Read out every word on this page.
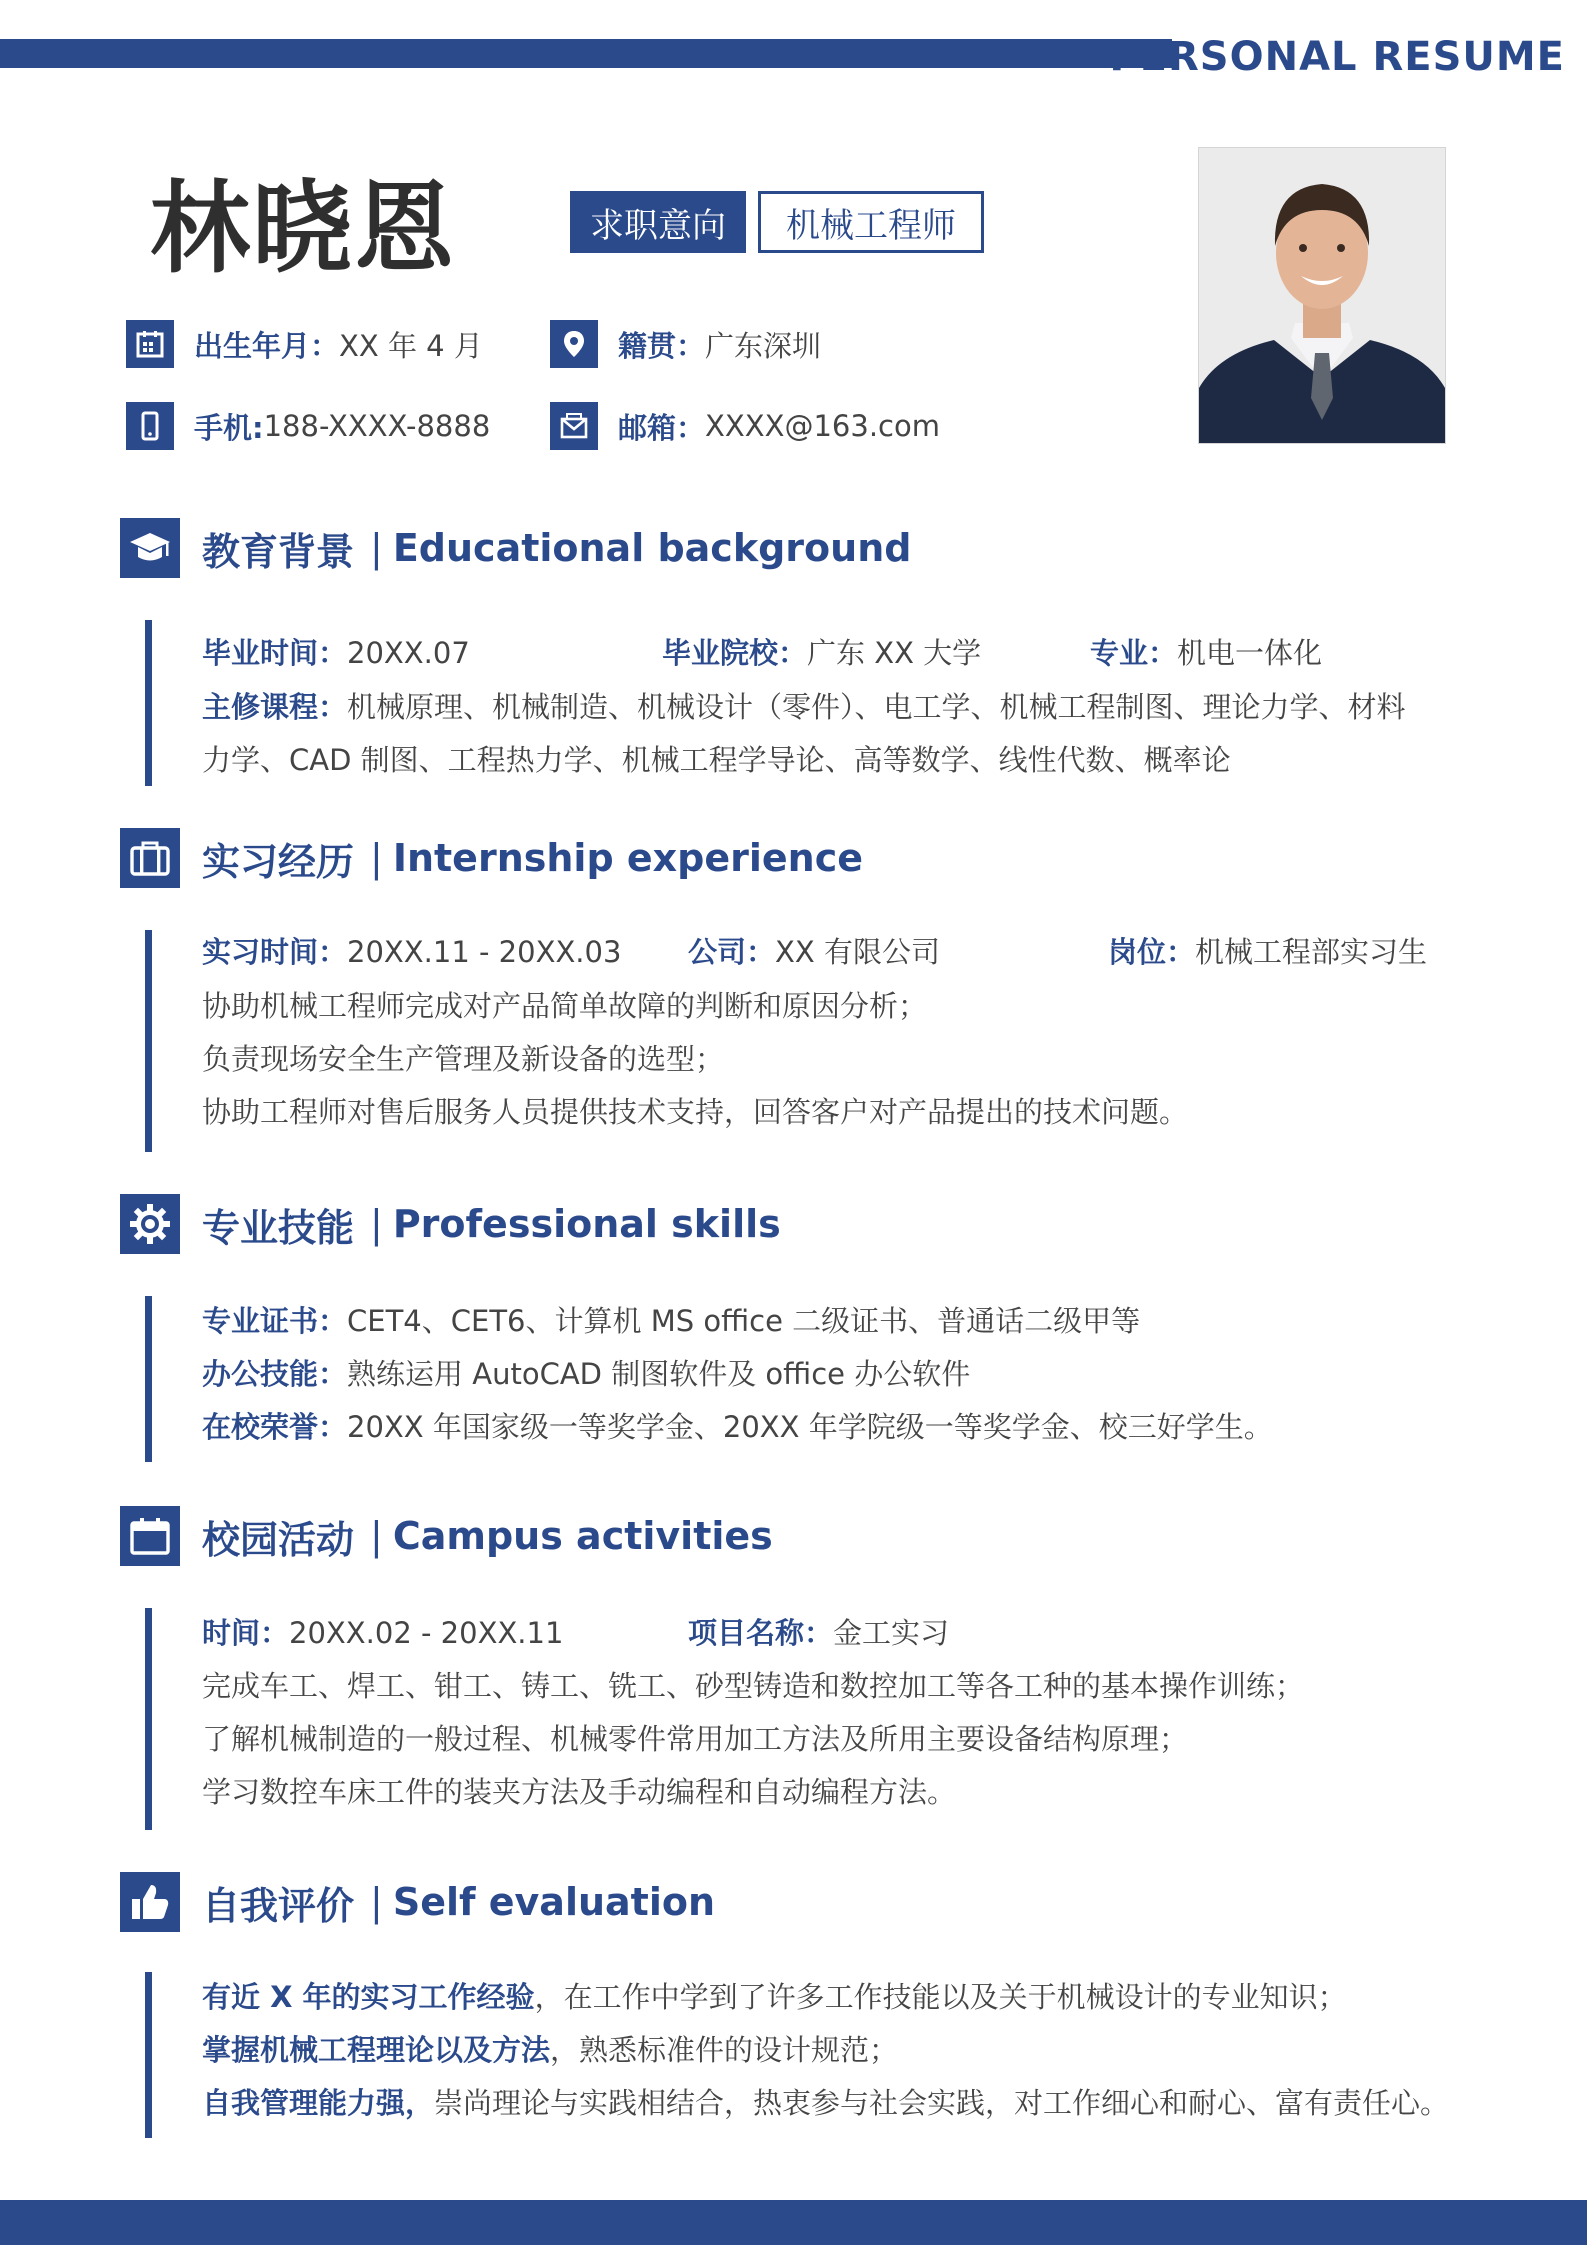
PERSONAL RESUME
林晓恩	求职意向	机械工程师
出生年月： XX 年 4 月	籍贯： 广东深圳
手机: 188-XXXX-8888	邮箱： XXXX@163.com
教育背景 | Educational background
毕业时间：20XX.07	毕业院校：广东 XX 大学	专业：机电一体化
主修课程：机械原理、机械制造、机械设计（零件）、电工学、机械工程制图、理论力学、材料
力学、CAD 制图、工程热力学、机械工程学导论、高等数学、线性代数、概率论
实习经历 | Internship experience
实习时间：20XX.11 - 20XX.03 公司：XX 有限公司	岗位：机械工程部实习生
协助机械工程师完成对产品简单故障的判断和原因分析；
负责现场安全生产管理及新设备的选型；
协助工程师对售后服务人员提供技术支持，回答客户对产品提出的技术问题。
专业技能 | Professional skills
专业证书：CET4、CET6、计算机 MS office 二级证书、普通话二级甲等
办公技能：熟练运用 AutoCAD 制图软件及 office 办公软件
在校荣誉：20XX 年国家级一等奖学金、20XX 年学院级一等奖学金、校三好学生。
校园活动 | Campus activities
时间：20XX.02 - 20XX.11	项目名称：金工实习
完成车工、焊工、钳工、铸工、铣工、砂型铸造和数控加工等各工种的基本操作训练；
了解机械制造的一般过程、机械零件常用加工方法及所用主要设备结构原理；
学习数控车床工件的装夹方法及手动编程和自动编程方法。
自我评价 | Self evaluation
有近 X 年的实习工作经验，在工作中学到了许多工作技能以及关于机械设计的专业知识；
掌握机械工程理论以及方法，熟悉标准件的设计规范；
自我管理能力强，崇尚理论与实践相结合，热衷参与社会实践，对工作细心和耐心、富有责任心。
